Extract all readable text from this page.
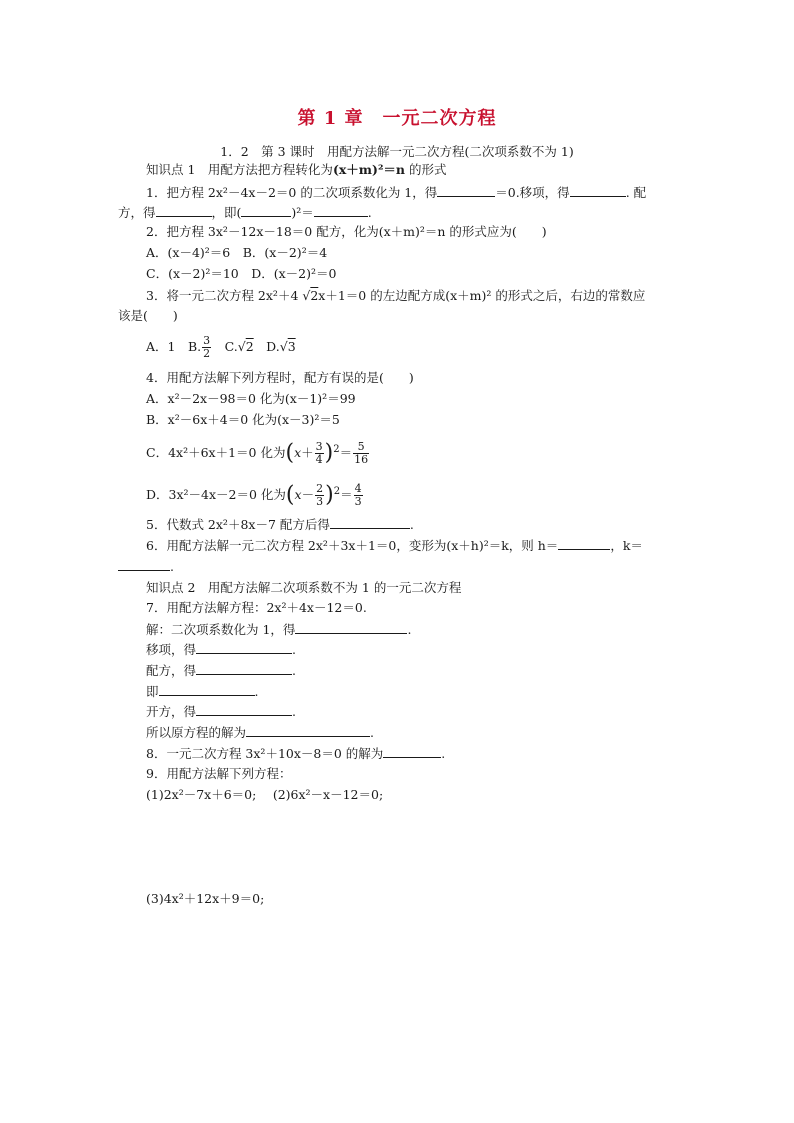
第 1 章　一元二次方程
1．2　第 3 课时　用配方法解一元二次方程(二次项系数不为 1)
知识点 1　用配方法把方程转化为(x＋m)²＝n 的形式
1．把方程 2x²－4x－2＝0 的二次项系数化为 1，得	＝0.移项，得	. 配
方，得	，即(	)²＝	.
2．把方程 3x²－12x－18＝0 配方，化为(x＋m)²＝n 的形式应为(　　)
A．(x－4)²＝6　B．(x－2)²＝4
C．(x－2)²＝10　D．(x－2)²＝0
3．将一元二次方程 2x²＋4 √2x＋1＝0 的左边配方成(x＋m)² 的形式之后，右边的常数应
该是(　　)
A．1　B. $\frac{3}{2}$ 　C.√2　D.√3
4．用配方法解下列方程时，配方有误的是(　　)
A．x²－2x－98＝0 化为(x－1)²＝99
B．x²－6x＋4＝0 化为(x－3)²＝5
C．4x²＋6x＋1＝0 化为$(x+ \frac{3}{4} )^2= \frac{5}{16}$
D．3x²－4x－2＝0 化为$(x- \frac{2}{3} )^2= \frac{4}{3}$
5．代数式 2x²＋8x－7 配方后得	.
6．用配方法解一元二次方程 2x²＋3x＋1＝0，变形为(x＋h)²＝k，则 h＝	，k＝
.
知识点 2　用配方法解二次项系数不为 1 的一元二次方程
7．用配方法解方程：2x²＋4x－12＝0.
解：二次项系数化为 1，得	.
移项，得	.
配方，得	.
即	.
开方，得	.
所以原方程的解为	.
8．一元二次方程 3x²＋10x－8＝0 的解为	.
9．用配方法解下列方程：
(1)2x²－7x＋6＝0;　 (2)6x²－x－12＝0;
(3)4x²＋12x＋9＝0;
